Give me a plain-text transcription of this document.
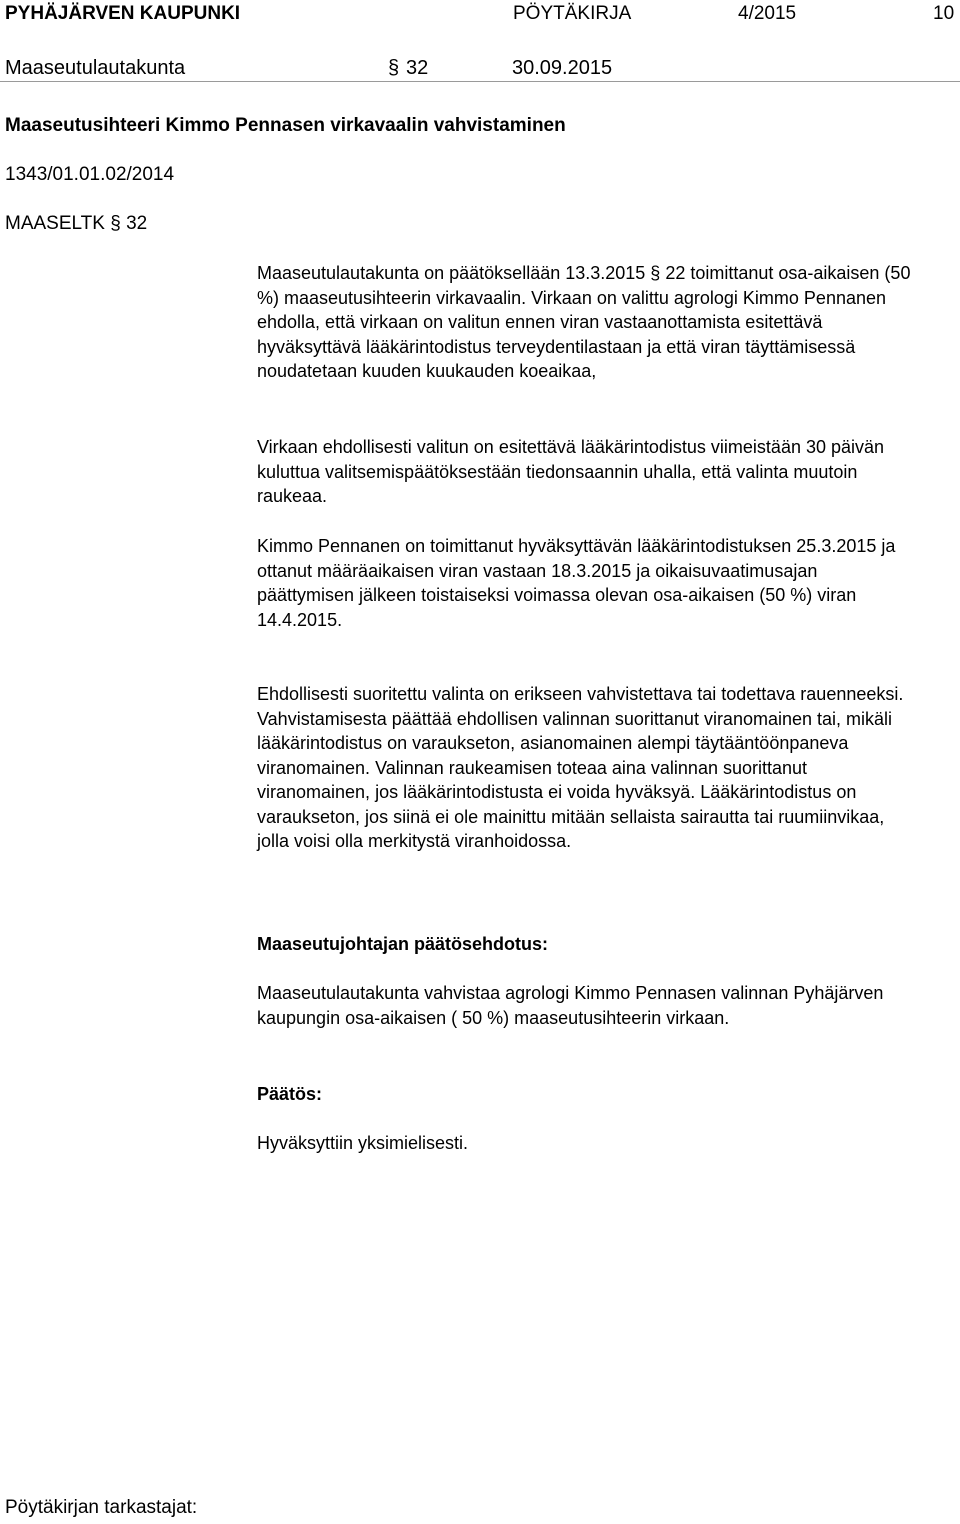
PYHÄJÄRVEN KAUPUNKI	PÖYTÄKIRJA	4/2015	10
Maaseutulautakunta	§ 32	30.09.2015
Maaseutusihteeri Kimmo Pennasen virkavaalin vahvistaminen
1343/01.01.02/2014
MAASELTK § 32

Maaseutulautakunta on päätöksellään 13.3.2015 § 22 toimittanut osa-aikaisen (50 %) maaseutusihteerin virkavaalin. Virkaan on valittu agrologi Kimmo Pennanen ehdolla, että virkaan on valitun ennen viran vastaanottamista esitettävä hyväksyttävä lääkärintodistus terveydentilastaan ja että viran täyttämisessä noudatetaan kuuden kuukauden koeaikaa,

Virkaan ehdollisesti valitun on esitettävä lääkärintodistus viimeistään 30 päivän kuluttua valitsemispäätöksestään tiedonsaannin uhalla, että valinta muutoin raukeaa.

Kimmo Pennanen on toimittanut hyväksyttävän lääkärintodistuksen 25.3.2015 ja ottanut määräaikaisen viran vastaan 18.3.2015 ja oikaisuvaatimusajan päättymisen jälkeen toistaiseksi voimassa olevan osa-aikaisen (50 %) viran 14.4.2015.

Ehdollisesti suoritettu valinta on erikseen vahvistettava tai todettava rauenneeksi. Vahvistamisesta päättää ehdollisen valinnan suorittanut viranomainen tai, mikäli lääkärintodistus on varaukseton, asianomainen alempi täytääntöönpaneva viranomainen. Valinnan raukeamisen toteaa aina valinnan suorittanut viranomainen, jos lääkärintodistusta ei voida hyväksyä. Lääkärintodistus on varaukseton, jos siinä ei ole mainittu mitään sellaista sairautta tai ruumiinvikaa, jolla voisi olla merkitystä viranhoidossa.

Maaseutujohtajan päätösehdotus:

Maaseutulautakunta vahvistaa agrologi Kimmo Pennasen valinnan Pyhäjärven kaupungin osa-aikaisen ( 50 %) maaseutusihteerin virkaan.

Päätös:
Hyväksyttiin yksimielisesti.
Pöytäkirjan tarkastajat:
